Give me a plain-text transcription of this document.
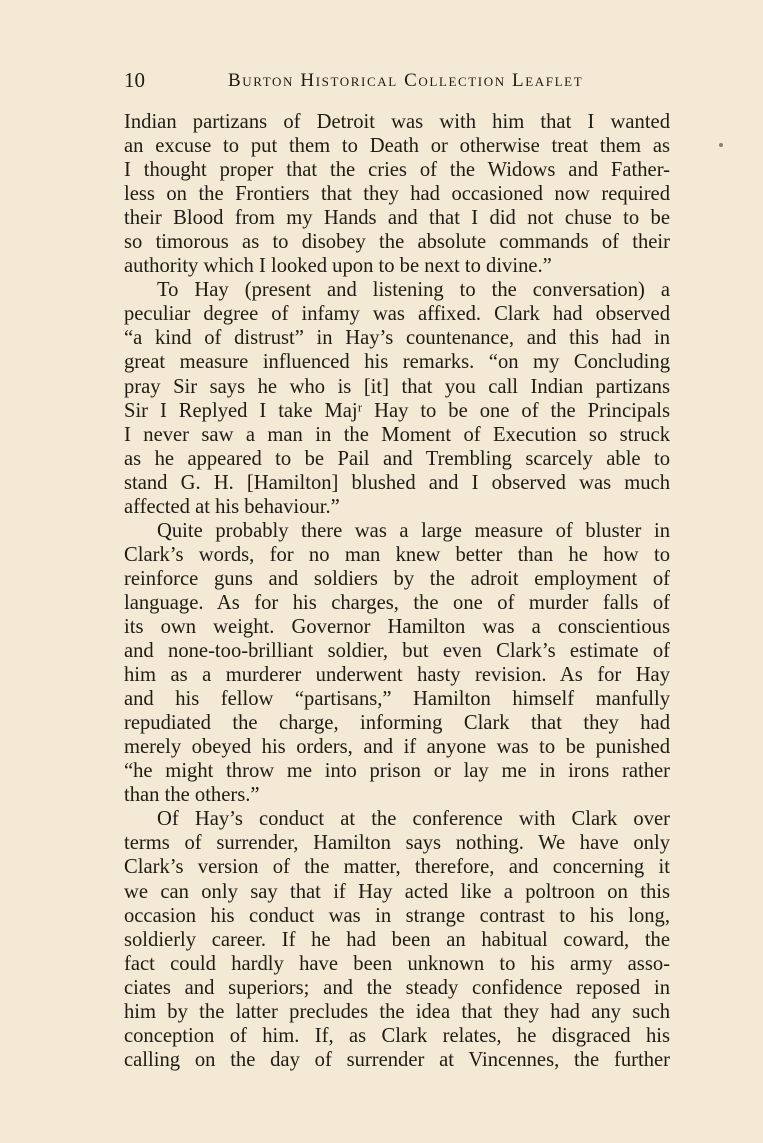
10	Burton Historical Collection Leaflet
Indian partizans of Detroit was with him that I wanted
an excuse to put them to Death or otherwise treat them as
I thought proper that the cries of the Widows and Father-
less on the Frontiers that they had occasioned now required
their Blood from my Hands and that I did not chuse to be
so timorous as to disobey the absolute commands of their
authority which I looked upon to be next to divine.”
To Hay (present and listening to the conversation) a
peculiar degree of infamy was affixed. Clark had observed
“a kind of distrust” in Hay’s countenance, and this had in
great measure influenced his remarks. “on my Concluding
pray Sir says he who is [it] that you call Indian partizans
Sir I Replyed I take Majʳ Hay to be one of the Principals
I never saw a man in the Moment of Execution so struck
as he appeared to be Pail and Trembling scarcely able to
stand G. H. [Hamilton] blushed and I observed was much
affected at his behaviour.”
Quite probably there was a large measure of bluster in
Clark’s words, for no man knew better than he how to
reinforce guns and soldiers by the adroit employment of
language. As for his charges, the one of murder falls of
its own weight. Governor Hamilton was a conscientious
and none-too-brilliant soldier, but even Clark’s estimate of
him as a murderer underwent hasty revision. As for Hay
and his fellow “partisans,” Hamilton himself manfully
repudiated the charge, informing Clark that they had
merely obeyed his orders, and if anyone was to be punished
“he might throw me into prison or lay me in irons rather
than the others.”
Of Hay’s conduct at the conference with Clark over
terms of surrender, Hamilton says nothing. We have only
Clark’s version of the matter, therefore, and concerning it
we can only say that if Hay acted like a poltroon on this
occasion his conduct was in strange contrast to his long,
soldierly career. If he had been an habitual coward, the
fact could hardly have been unknown to his army asso-
ciates and superiors; and the steady confidence reposed in
him by the latter precludes the idea that they had any such
conception of him. If, as Clark relates, he disgraced his
calling on the day of surrender at Vincennes, the further
